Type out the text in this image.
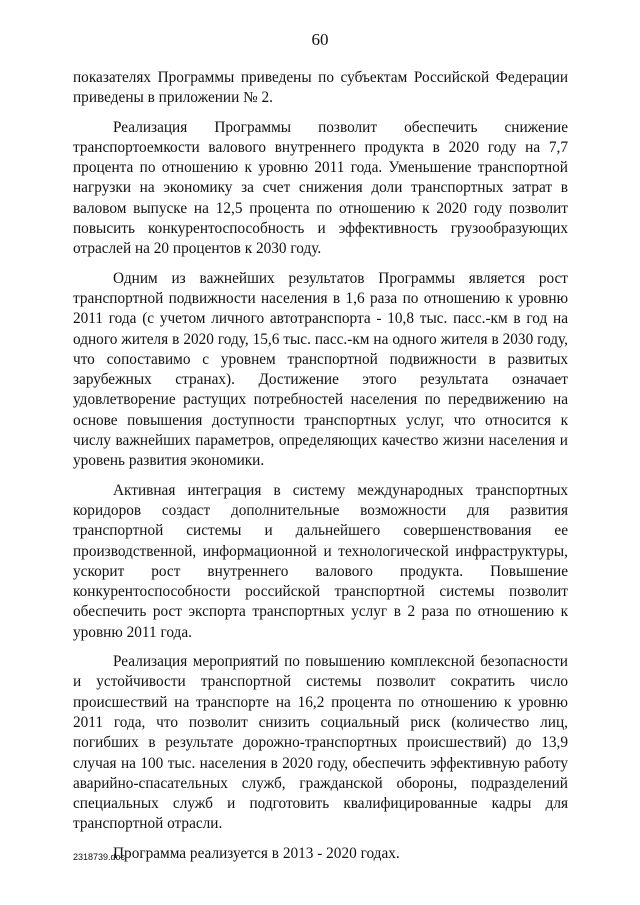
60

показателях Программы приведены по субъектам Российской Федерации приведены в приложении № 2.

Реализация Программы позволит обеспечить снижение транспортоемкости валового внутреннего продукта в 2020 году на 7,7 процента по отношению к уровню 2011 года. Уменьшение транспортной нагрузки на экономику за счет снижения доли транспортных затрат в валовом выпуске на 12,5 процента по отношению к 2020 году позволит повысить конкурентоспособность и эффективность грузообразующих отраслей на 20 процентов к 2030 году.

Одним из важнейших результатов Программы является рост транспортной подвижности населения в 1,6 раза по отношению к уровню 2011 года (с учетом личного автотранспорта - 10,8 тыс. пасс.-км в год на одного жителя в 2020 году, 15,6 тыс. пасс.-км на одного жителя в 2030 году, что сопоставимо с уровнем транспортной подвижности в развитых зарубежных странах). Достижение этого результата означает удовлетворение растущих потребностей населения по передвижению на основе повышения доступности транспортных услуг, что относится к числу важнейших параметров, определяющих качество жизни населения и уровень развития экономики.

Активная интеграция в систему международных транспортных коридоров создаст дополнительные возможности для развития транспортной системы и дальнейшего совершенствования ее производственной, информационной и технологической инфраструктуры, ускорит рост внутреннего валового продукта. Повышение конкурентоспособности российской транспортной системы позволит обеспечить рост экспорта транспортных услуг в 2 раза по отношению к уровню 2011 года.

Реализация мероприятий по повышению комплексной безопасности и устойчивости транспортной системы позволит сократить число происшествий на транспорте на 16,2 процента по отношению к уровню 2011 года, что позволит снизить социальный риск (количество лиц, погибших в результате дорожно-транспортных происшествий) до 13,9 случая на 100 тыс. населения в 2020 году, обеспечить эффективную работу аварийно-спасательных служб, гражданской обороны, подразделений специальных служб и подготовить квалифицированные кадры для транспортной отрасли.

Программа реализуется в 2013 - 2020 годах.

2318739.doc
